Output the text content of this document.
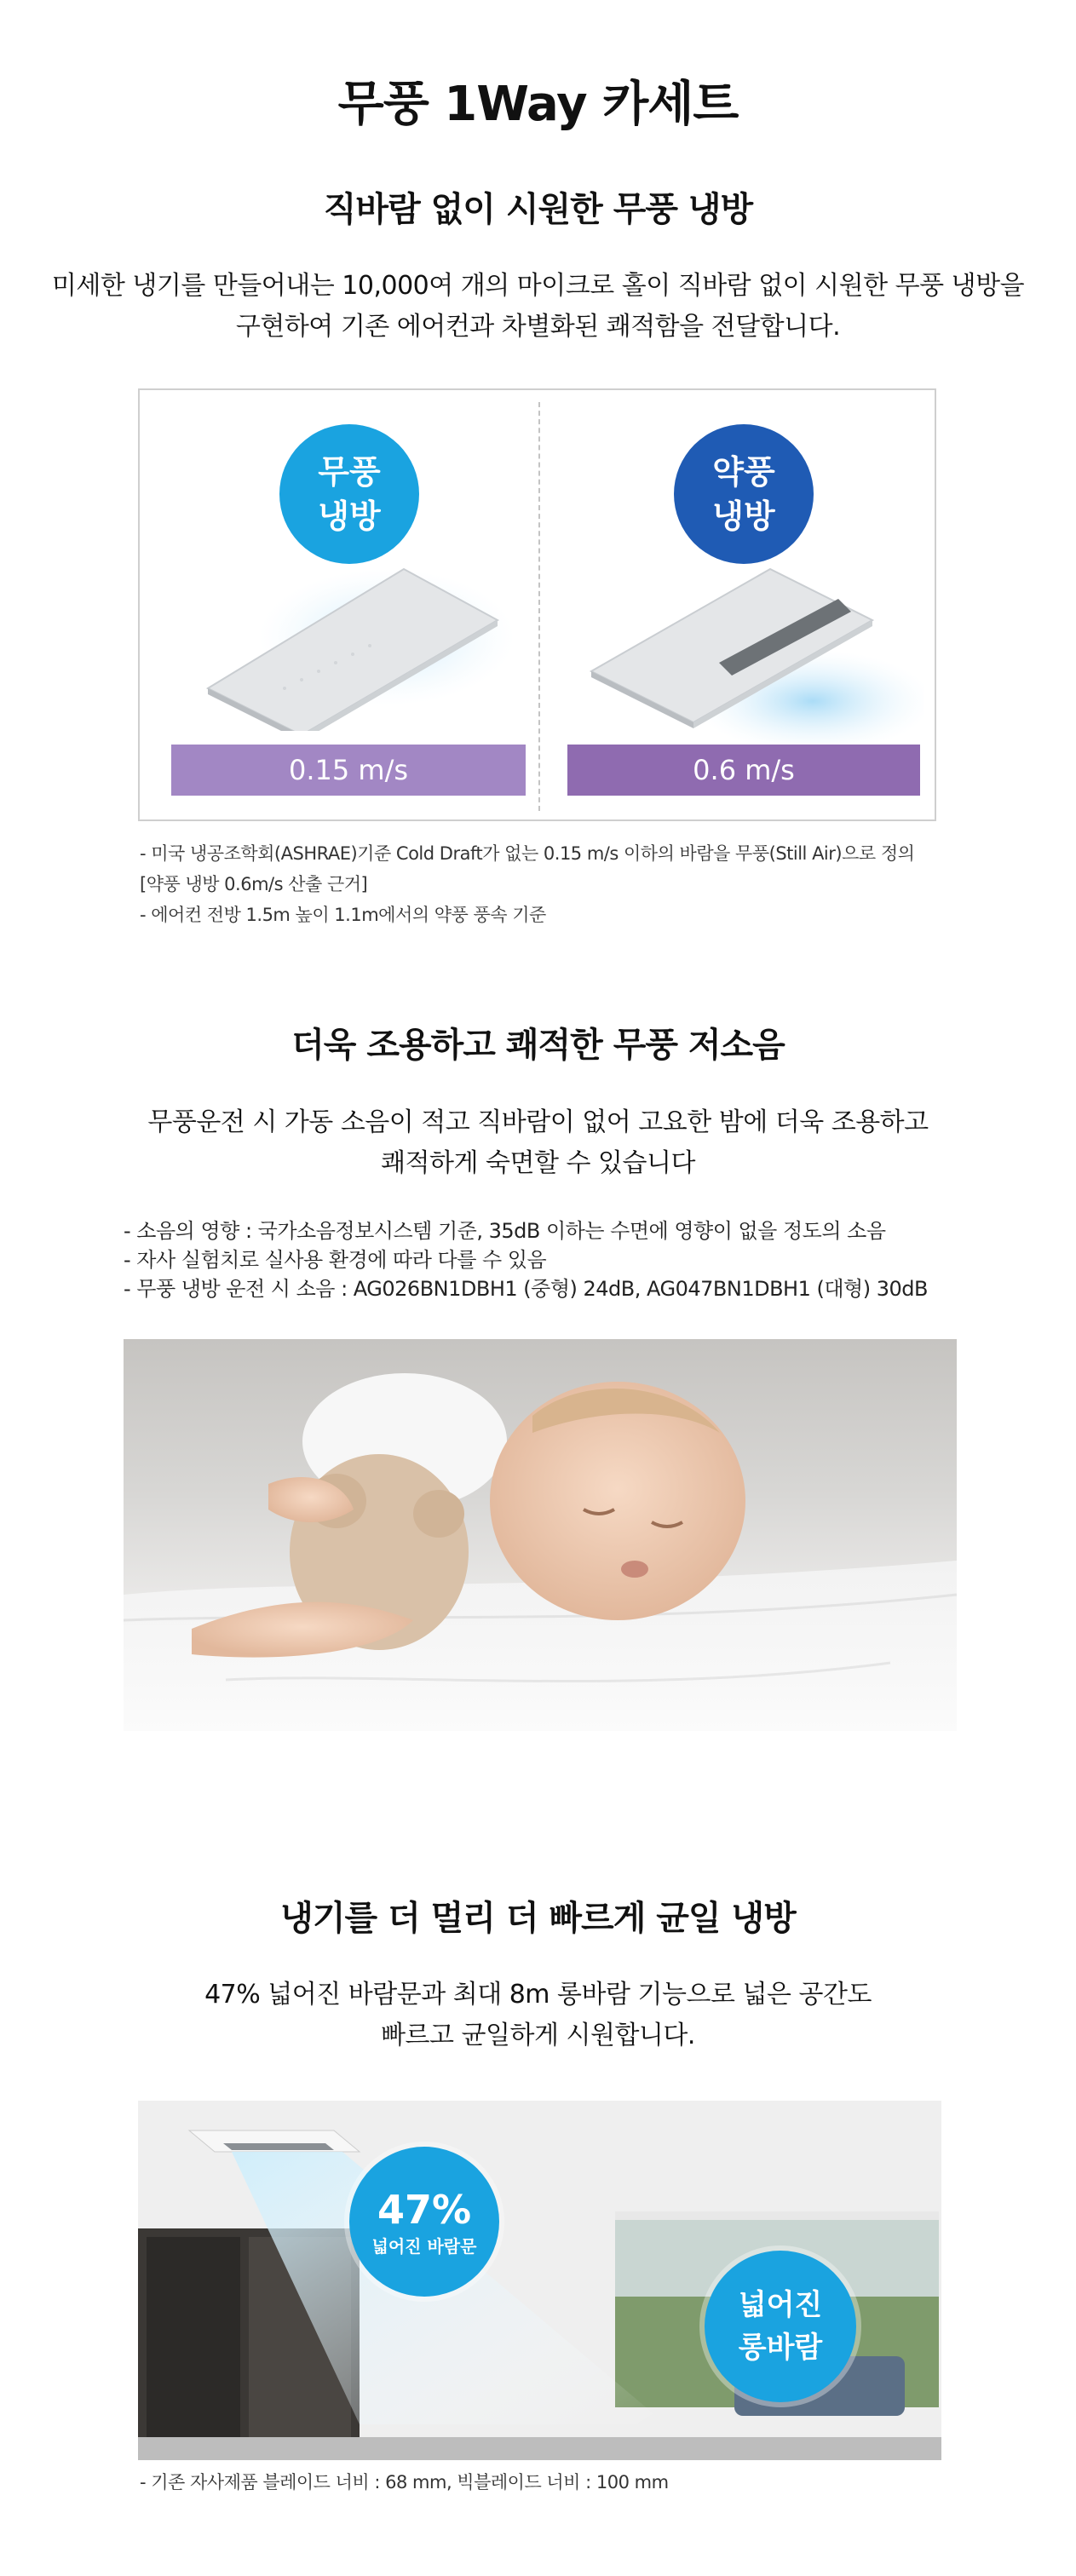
무풍 1Way 카세트
직바람 없이 시원한 무풍 냉방
미세한 냉기를 만들어내는 10,000여 개의 마이크로 홀이 직바람 없이 시원한 무풍 냉방을
구현하여 기존 에어컨과 차별화된 쾌적함을 전달합니다.
무풍
냉방
0.15 m/s
약풍
냉방
0.6 m/s
- 미국 냉공조학회(ASHRAE)기준 Cold Draft가 없는 0.15 m/s 이하의 바람을 무풍(Still Air)으로 정의
[약풍 냉방 0.6m/s 산출 근거]
- 에어컨 전방 1.5m 높이 1.1m에서의 약풍 풍속 기준
더욱 조용하고 쾌적한 무풍 저소음
무풍운전 시 가동 소음이 적고 직바람이 없어 고요한 밤에 더욱 조용하고
쾌적하게 숙면할 수 있습니다
- 소음의 영향 : 국가소음정보시스템 기준, 35dB 이하는 수면에 영향이 없을 정도의 소음
- 자사 실험치로 실사용 환경에 따라 다를 수 있음
- 무풍 냉방 운전 시 소음 : AG026BN1DBH1 (중형) 24dB, AG047BN1DBH1 (대형) 30dB
냉기를 더 멀리 더 빠르게 균일 냉방
47% 넓어진 바람문과 최대 8m 롱바람 기능으로 넓은 공간도
빠르고 균일하게 시원합니다.
47%
넓어진 바람문
넓어진
롱바람
- 기존 자사제품 블레이드 너비 : 68 mm, 빅블레이드 너비 : 100 mm
